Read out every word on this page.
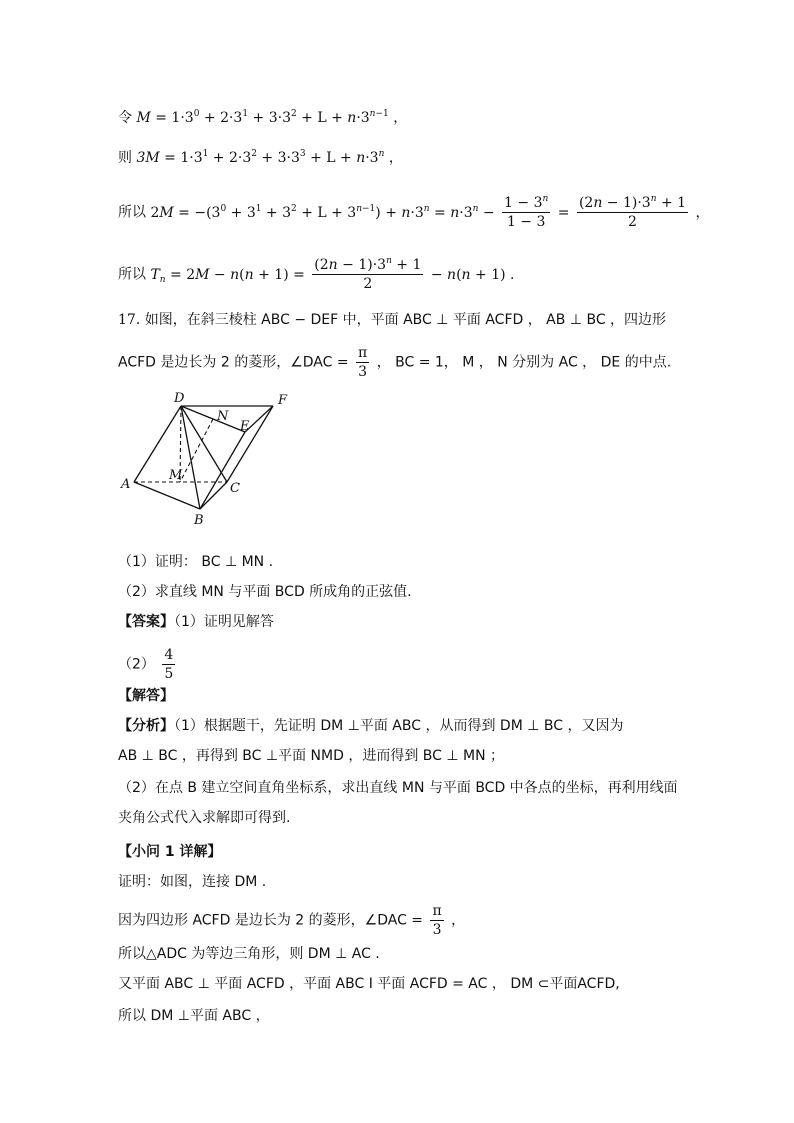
令 $M = 1\cdot 3^0 + 2\cdot 3^1 + 3\cdot 3^2 + L + n\cdot 3^{n-1}$ ，
则 $3M = 1\cdot 3^1 + 2\cdot 3^2 + 3\cdot 3^3 + L + n\cdot 3^n$ ，
所以 $2M = -(3^0 + 3^1 + 3^2 + L + 3^{n-1}) + n\cdot 3^n = n\cdot 3^n - \frac{1 - 3^n}{1 - 3} = \frac{(2n - 1)\cdot 3^n + 1}{2}$ ，
所以 $T_n = 2M - n(n + 1) = \frac{(2n - 1)\cdot 3^n + 1}{2} - n(n + 1)$ .
17. 如图，在斜三棱柱 ABC − DEF 中，平面 ABC ⊥ 平面 ACFD ， AB ⊥ BC ，四边形
ACFD 是边长为 2 的菱形，∠DAC = $\frac{\pi}{3}$ ， BC = 1， M ， N 分别为 AC ， DE 的中点.
D	F
N
E
M
A	C
B
（1）证明： BC ⊥ MN .
（2）求直线 MN 与平面 BCD 所成角的正弦值.
【答案】（1）证明见解答
$(2) \frac{4}{5}$
【解答】
【分析】（1）根据题干，先证明 DM ⊥平面 ABC ，从而得到 DM ⊥ BC ，又因为
AB ⊥ BC ，再得到 BC ⊥平面 NMD ，进而得到 BC ⊥ MN ；
（2）在点 B 建立空间直角坐标系，求出直线 MN 与平面 BCD 中各点的坐标，再利用线面
夹角公式代入求解即可得到.
【小问 1 详解】
证明：如图，连接 DM .
因为四边形 ACFD 是边长为 2 的菱形，∠DAC = $\frac{\pi}{3}$ ，
所以△ADC 为等边三角形，则 DM ⊥ AC .
又平面 ABC ⊥ 平面 ACFD ，平面 ABC I 平面 ACFD = AC ， DM ⊂平面ACFD,
所以 DM ⊥平面 ABC ，
